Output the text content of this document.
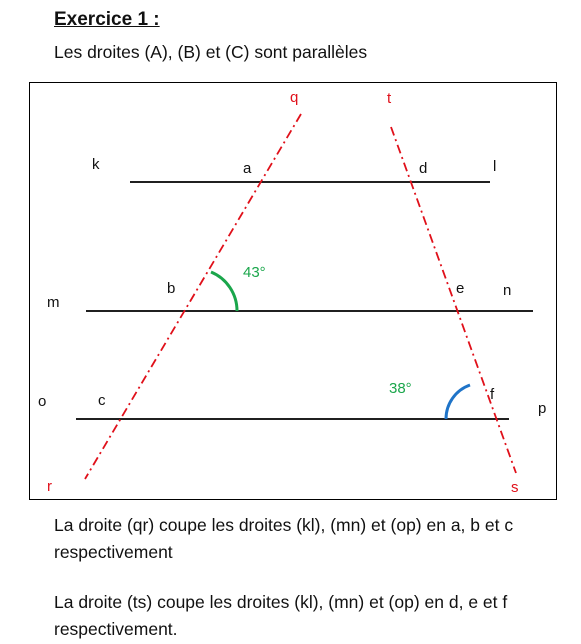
Exercice 1 :
Les droites (A), (B) et (C) sont parallèles
k	l
m
n
o	p
a
b
c
d
e
f
q	t
r	s
43°
38°
La droite (qr) coupe les droites (kl), (mn) et (op) en a, b et c respectivement
La droite (ts) coupe les droites (kl), (mn) et (op) en d, e et f respectivement.
